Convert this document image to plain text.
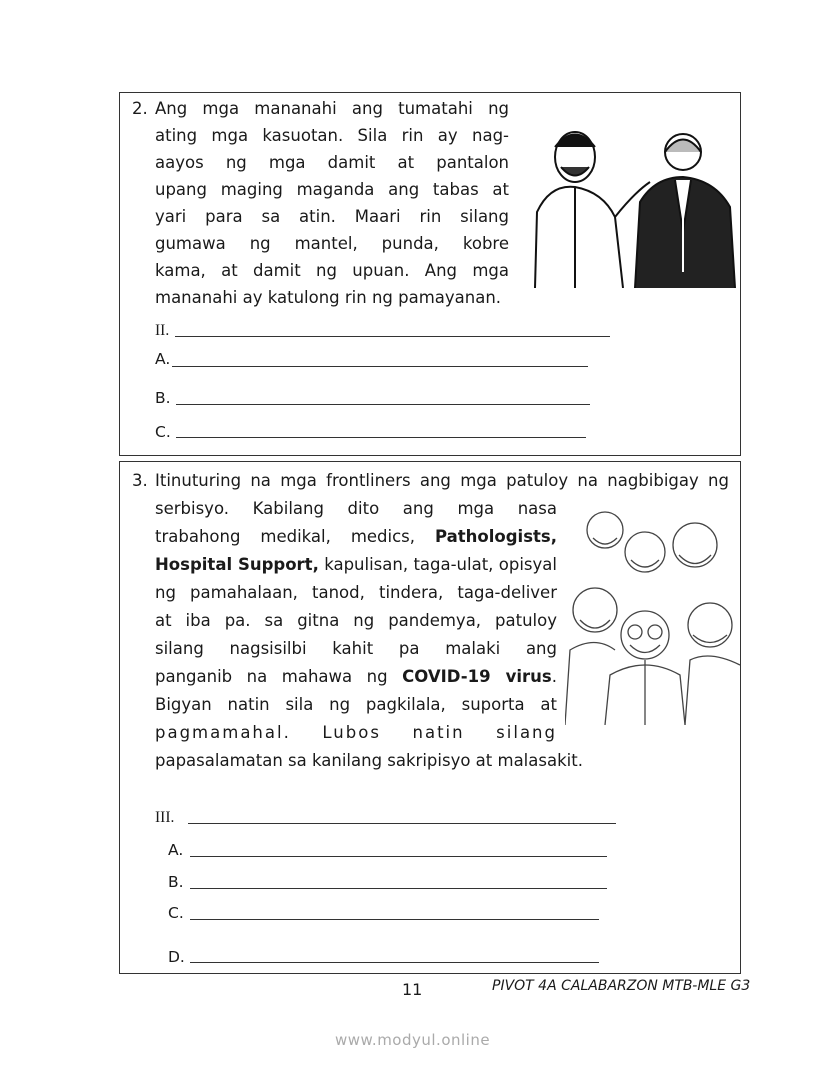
2. Ang mga mananahi ang tumatahi ng
ating mga kasuotan. Sila rin ay nag-
aayos ng mga damit at pantalon
upang maging maganda ang tabas at
yari para sa atin. Maari rin silang
gumawa ng mantel, punda, kobre
kama, at damit ng upuan. Ang mga
mananahi ay katulong rin ng pamayanan.
II.
A.
B.
C.
3. Itinuturing na mga frontliners ang mga patuloy na nagbibigay ng
serbisyo. Kabilang dito ang mga nasa
trabahong medikal, medics, Pathologists,
Hospital Support, kapulisan, taga-ulat, opisyal
ng pamahalaan, tanod, tindera, taga-deliver
at iba pa. sa gitna ng pandemya, patuloy
silang nagsisilbi kahit pa malaki ang
panganib na mahawa ng COVID-19 virus.
Bigyan natin sila ng pagkilala, suporta at
pagmamahal. Lubos natin silang
papasalamatan sa kanilang sakripisyo at malasakit.
III.
A.
B.
C.
D.
11	PIVOT 4A CALABARZON MTB-MLE G3
www.modyul.online
